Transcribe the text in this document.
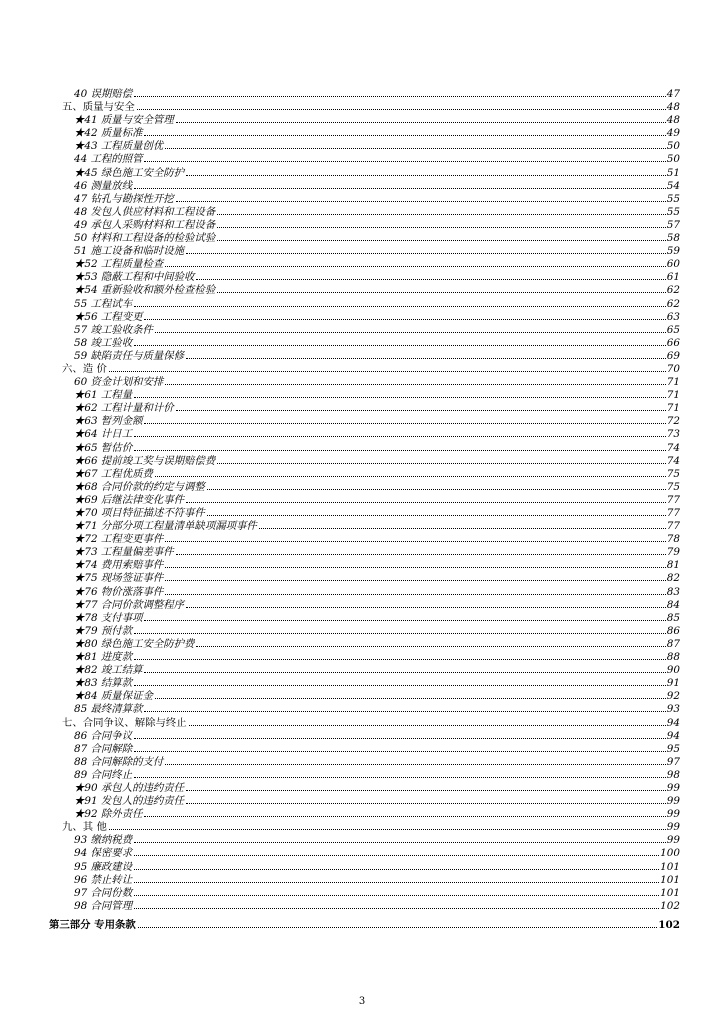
40 误期赔偿	47
五、质量与安全	48
★41 质量与安全管理	48
★42 质量标准	49
★43 工程质量创优	50
44 工程的照管	50
★45 绿色施工安全防护	51
46 测量放线	54
47 钻孔与勘探性开挖	55
48 发包人供应材料和工程设备	55
49 承包人采购材料和工程设备	57
50 材料和工程设备的检验试验	58
51 施工设备和临时设施	59
★52 工程质量检查	60
★53 隐蔽工程和中间验收	61
★54 重新验收和额外检查检验	62
55 工程试车	62
★56 工程变更	63
57 竣工验收条件	65
58 竣工验收	66
59 缺陷责任与质量保修	69
六、造 价	70
60 资金计划和安排	71
★61 工程量	71
★62 工程计量和计价	71
★63 暂列金额	72
★64 计日工	73
★65 暂估价	74
★66 提前竣工奖与误期赔偿费	74
★67 工程优质费	75
★68 合同价款的约定与调整	75
★69 后继法律变化事件	77
★70 项目特征描述不符事件	77
★71 分部分项工程量清单缺项漏项事件	77
★72 工程变更事件	78
★73 工程量偏差事件	79
★74 费用索赔事件	81
★75 现场签证事件	82
★76 物价涨落事件	83
★77 合同价款调整程序	84
★78 支付事项	85
★79 预付款	86
★80 绿色施工安全防护费	87
★81 进度款	88
★82 竣工结算	90
★83 结算款	91
★84 质量保证金	92
85 最终清算款	93
七、合同争议、解除与终止	94
86 合同争议	94
87 合同解除	95
88 合同解除的支付	97
89 合同终止	98
★90 承包人的违约责任	99
★91 发包人的违约责任	99
★92 除外责任	99
九、其 他	99
93 缴纳税费	99
94 保密要求	100
95 廉政建设	101
96 禁止转让	101
97 合同份数	101
98 合同管理	102
第三部分 专用条款	102
3
